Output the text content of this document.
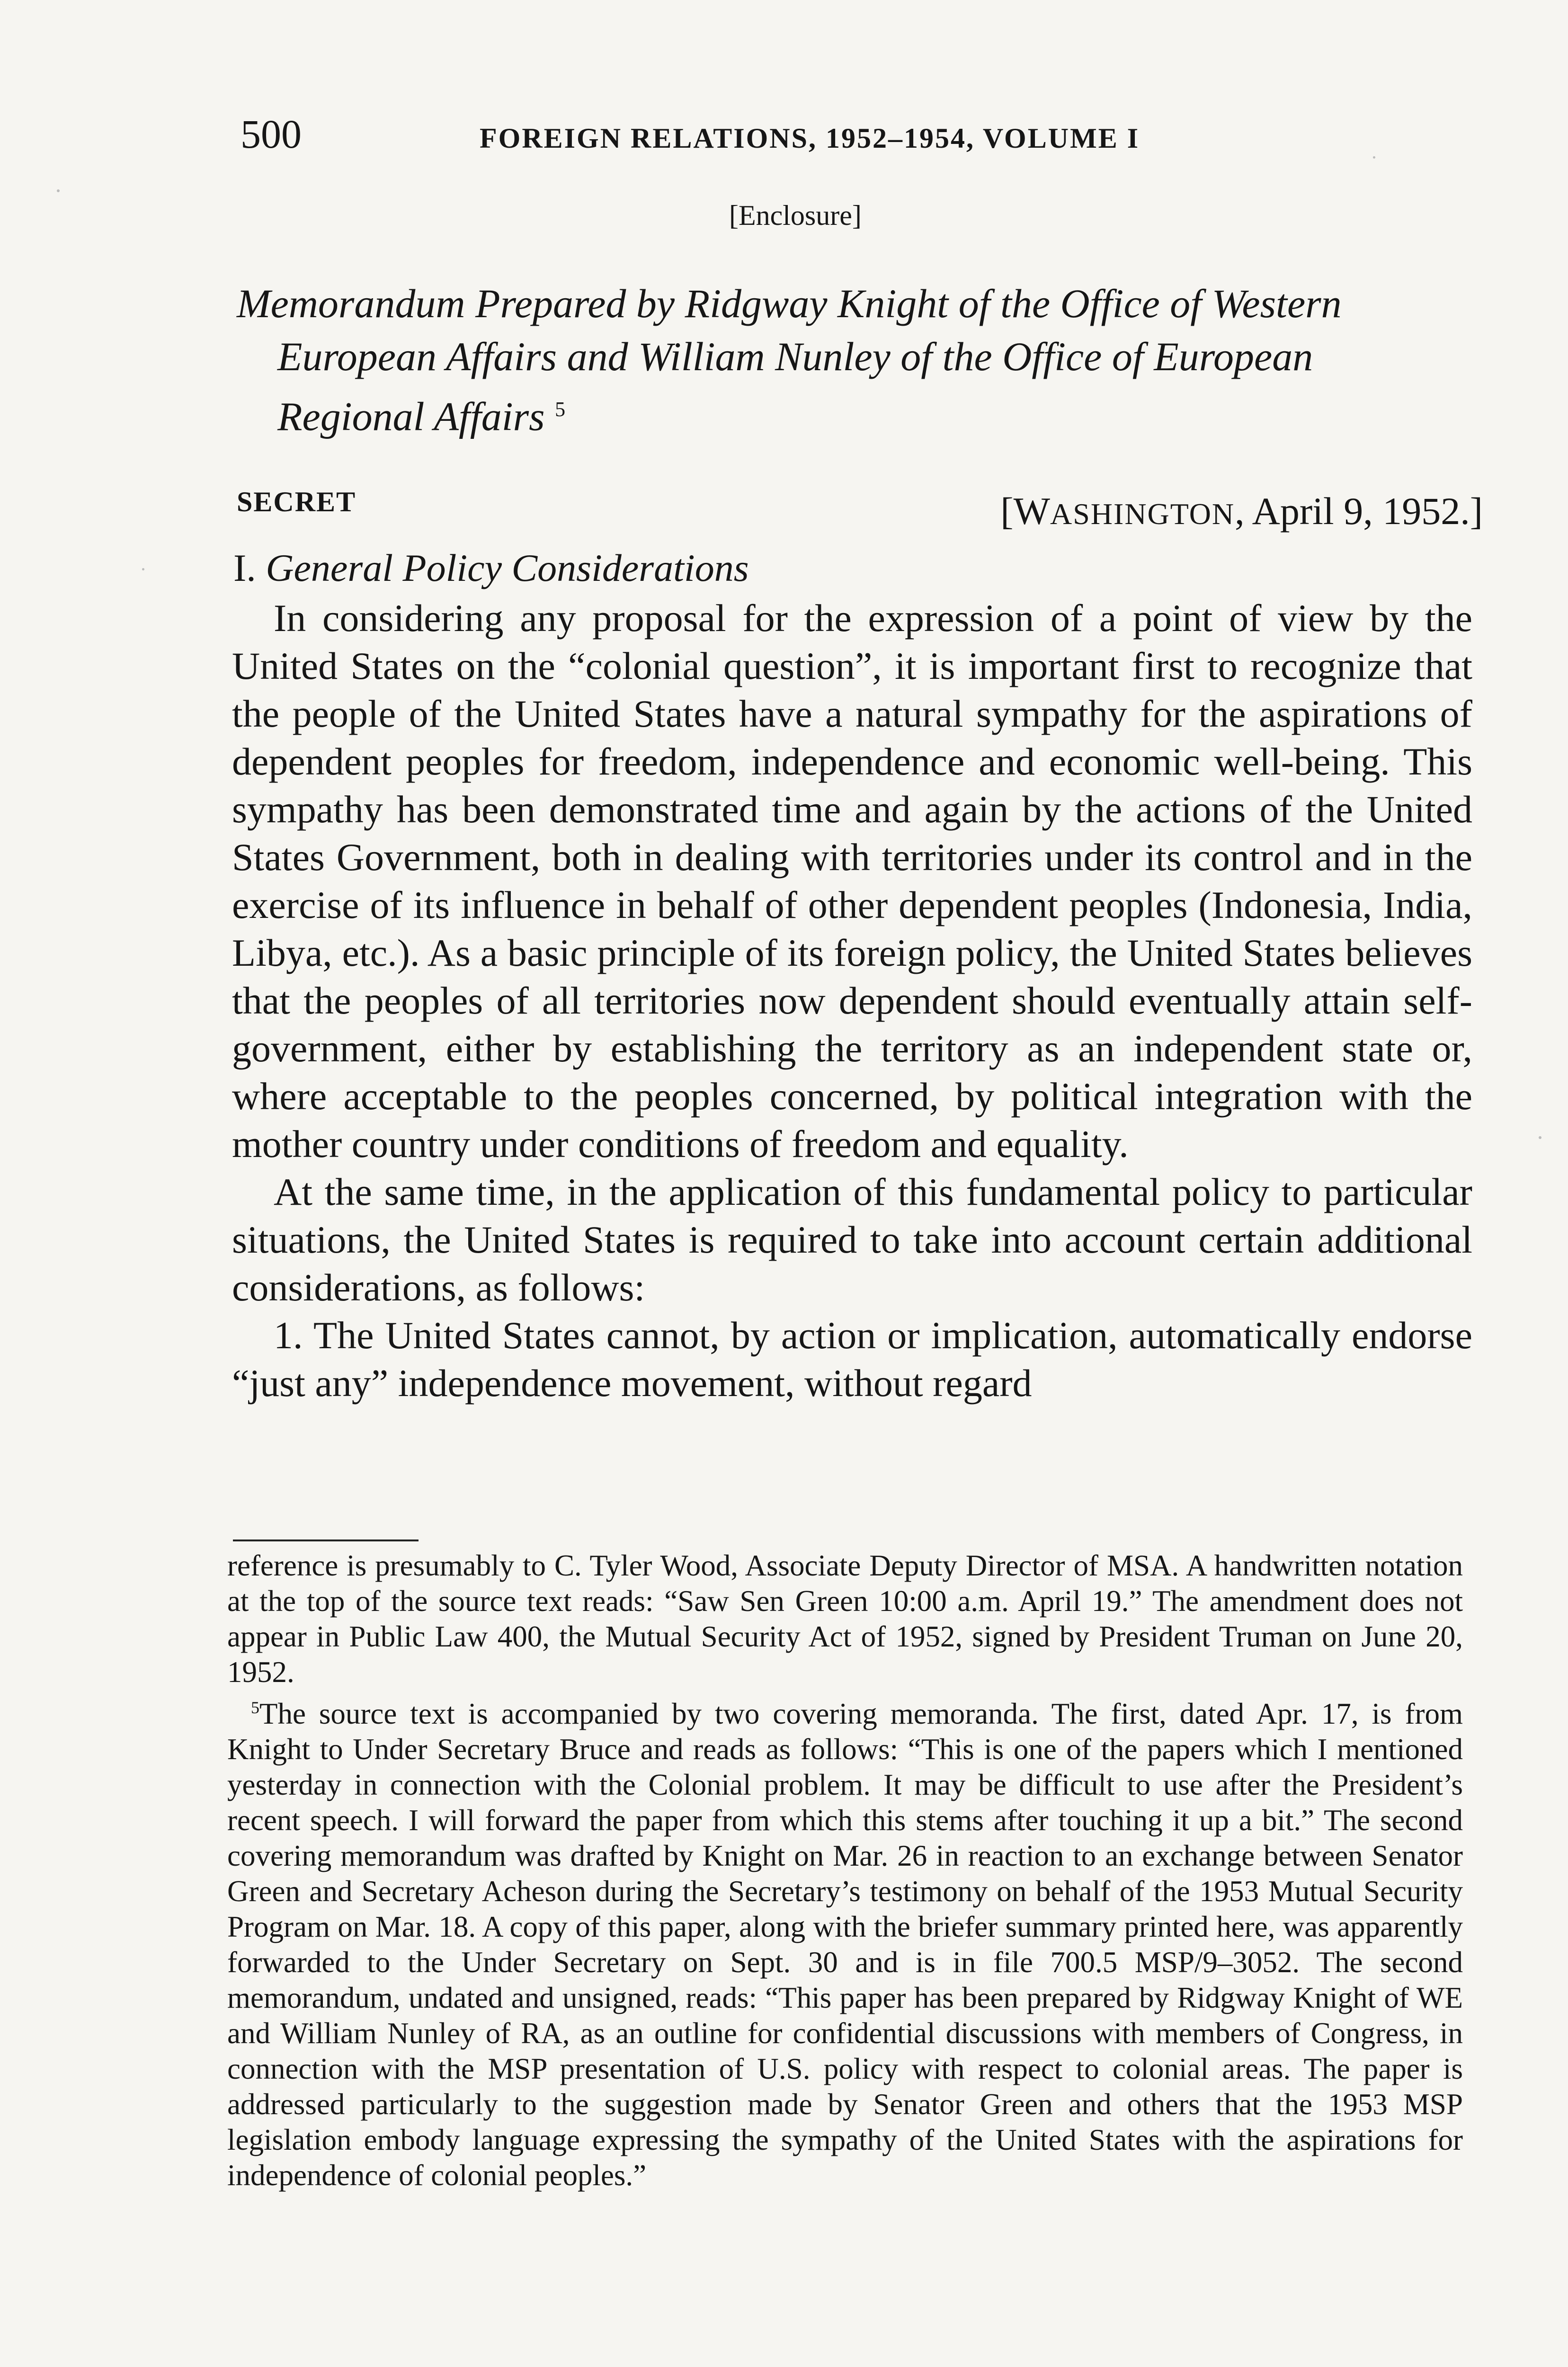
500	FOREIGN RELATIONS, 1952–1954, VOLUME I
[Enclosure]
Memorandum Prepared by Ridgway Knight of the Office of Western
European Affairs and William Nunley of the Office of European
Regional Affairs $^5$
SECRET	[WASHINGTON, April 9, 1952.]
I. General Policy Considerations

In considering any proposal for the expression of a point of view by the United States on the “colonial question”, it is important first to recognize that the people of the United States have a natural sympathy for the aspirations of dependent peoples for freedom, independence and economic well-being. This sympathy has been demonstrated time and again by the actions of the United States Government, both in dealing with territories under its control and in the exercise of its influence in behalf of other dependent peoples (Indonesia, India, Libya, etc.). As a basic principle of its foreign policy, the United States believes that the peoples of all territories now dependent should eventually attain self-government, either by establishing the territory as an independent state or, where acceptable to the peoples concerned, by political integration with the mother country under conditions of freedom and equality.

At the same time, in the application of this fundamental policy to particular situations, the United States is required to take into account certain additional considerations, as follows:

1. The United States cannot, by action or implication, automatically endorse “just any” independence movement, without regard

reference is presumably to C. Tyler Wood, Associate Deputy Director of MSA. A handwritten notation at the top of the source text reads: “Saw Sen Green 10:00 a.m. April 19.” The amendment does not appear in Public Law 400, the Mutual Security Act of 1952, signed by President Truman on June 20, 1952.

$^5$The source text is accompanied by two covering memoranda. The first, dated Apr. 17, is from Knight to Under Secretary Bruce and reads as follows: “This is one of the papers which I mentioned yesterday in connection with the Colonial problem. It may be difficult to use after the President’s recent speech. I will forward the paper from which this stems after touching it up a bit.” The second covering memorandum was drafted by Knight on Mar. 26 in reaction to an exchange between Senator Green and Secretary Acheson during the Secretary’s testimony on behalf of the 1953 Mutual Security Program on Mar. 18. A copy of this paper, along with the briefer summary printed here, was apparently forwarded to the Under Secretary on Sept. 30 and is in file 700.5 MSP/9–3052. The second memorandum, undated and unsigned, reads: “This paper has been prepared by Ridgway Knight of WE and William Nunley of RA, as an outline for confidential discussions with members of Congress, in connection with the MSP presentation of U.S. policy with respect to colonial areas. The paper is addressed particularly to the suggestion made by Senator Green and others that the 1953 MSP legislation embody language expressing the sympathy of the United States with the aspirations for independence of colonial peoples.”
